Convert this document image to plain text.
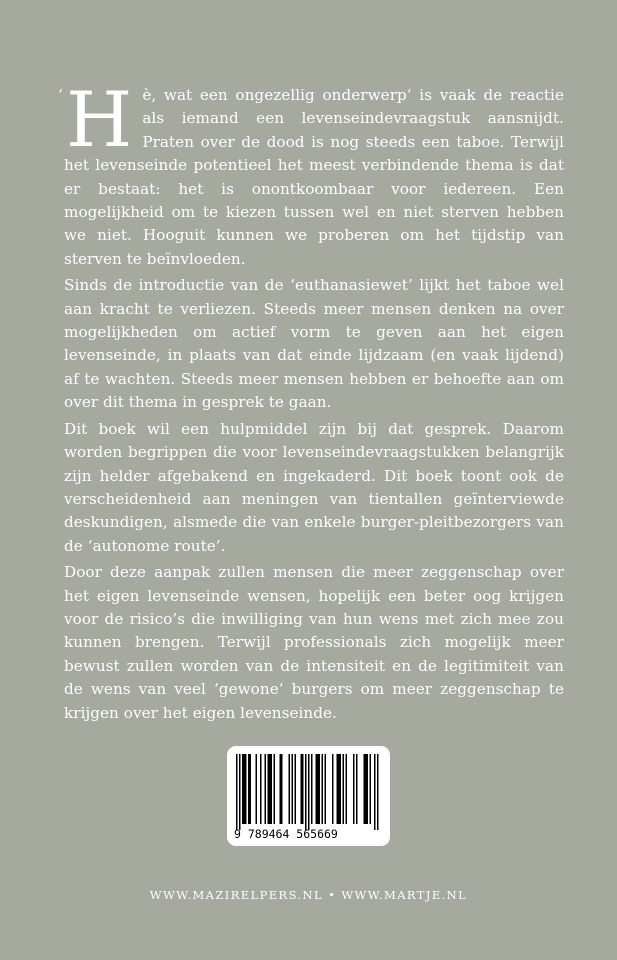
‘ H è, wat een ongezellig onderwerp’ is vaak de reactie als iemand een levenseindevraagstuk aansnijdt. Praten over de dood is nog steeds een taboe. Terwijl het levenseinde potentieel het meest verbindende thema is dat er bestaat: het is onontkoombaar voor iedereen. Een mogelijkheid om te kiezen tussen wel en niet sterven hebben we niet. Hooguit kunnen we proberen om het tijdstip van sterven te beïnvloeden.

Sinds de introductie van de ‘euthanasiewet’ lijkt het taboe wel aan kracht te verliezen. Steeds meer mensen denken na over mogelijkheden om actief vorm te geven aan het eigen levenseinde, in plaats van dat einde lijdzaam (en vaak lijdend) af te wachten. Steeds meer mensen hebben er behoefte aan om over dit thema in gesprek te gaan.

Dit boek wil een hulpmiddel zijn bij dat gesprek. Daarom worden begrippen die voor levenseindevraagstukken belangrijk zijn helder afgebakend en ingekaderd. Dit boek toont ook de verscheidenheid aan meningen van tientallen geïnterviewde deskundigen, alsmede die van enkele burger-pleitbezorgers van de ‘autonome route’.

Door deze aanpak zullen mensen die meer zeggenschap over het eigen levenseinde wensen, hopelijk een beter oog krijgen voor de risico’s die inwilliging van hun wens met zich mee zou kunnen brengen. Terwijl professionals zich mogelijk meer bewust zullen worden van de intensiteit en de legitimiteit van de wens van veel ‘gewone’ burgers om meer zeggenschap te krijgen over het eigen levenseinde.

9 789464 565669
WWW.MAZIRELPERS.NL • WWW.MARTJE.NL
